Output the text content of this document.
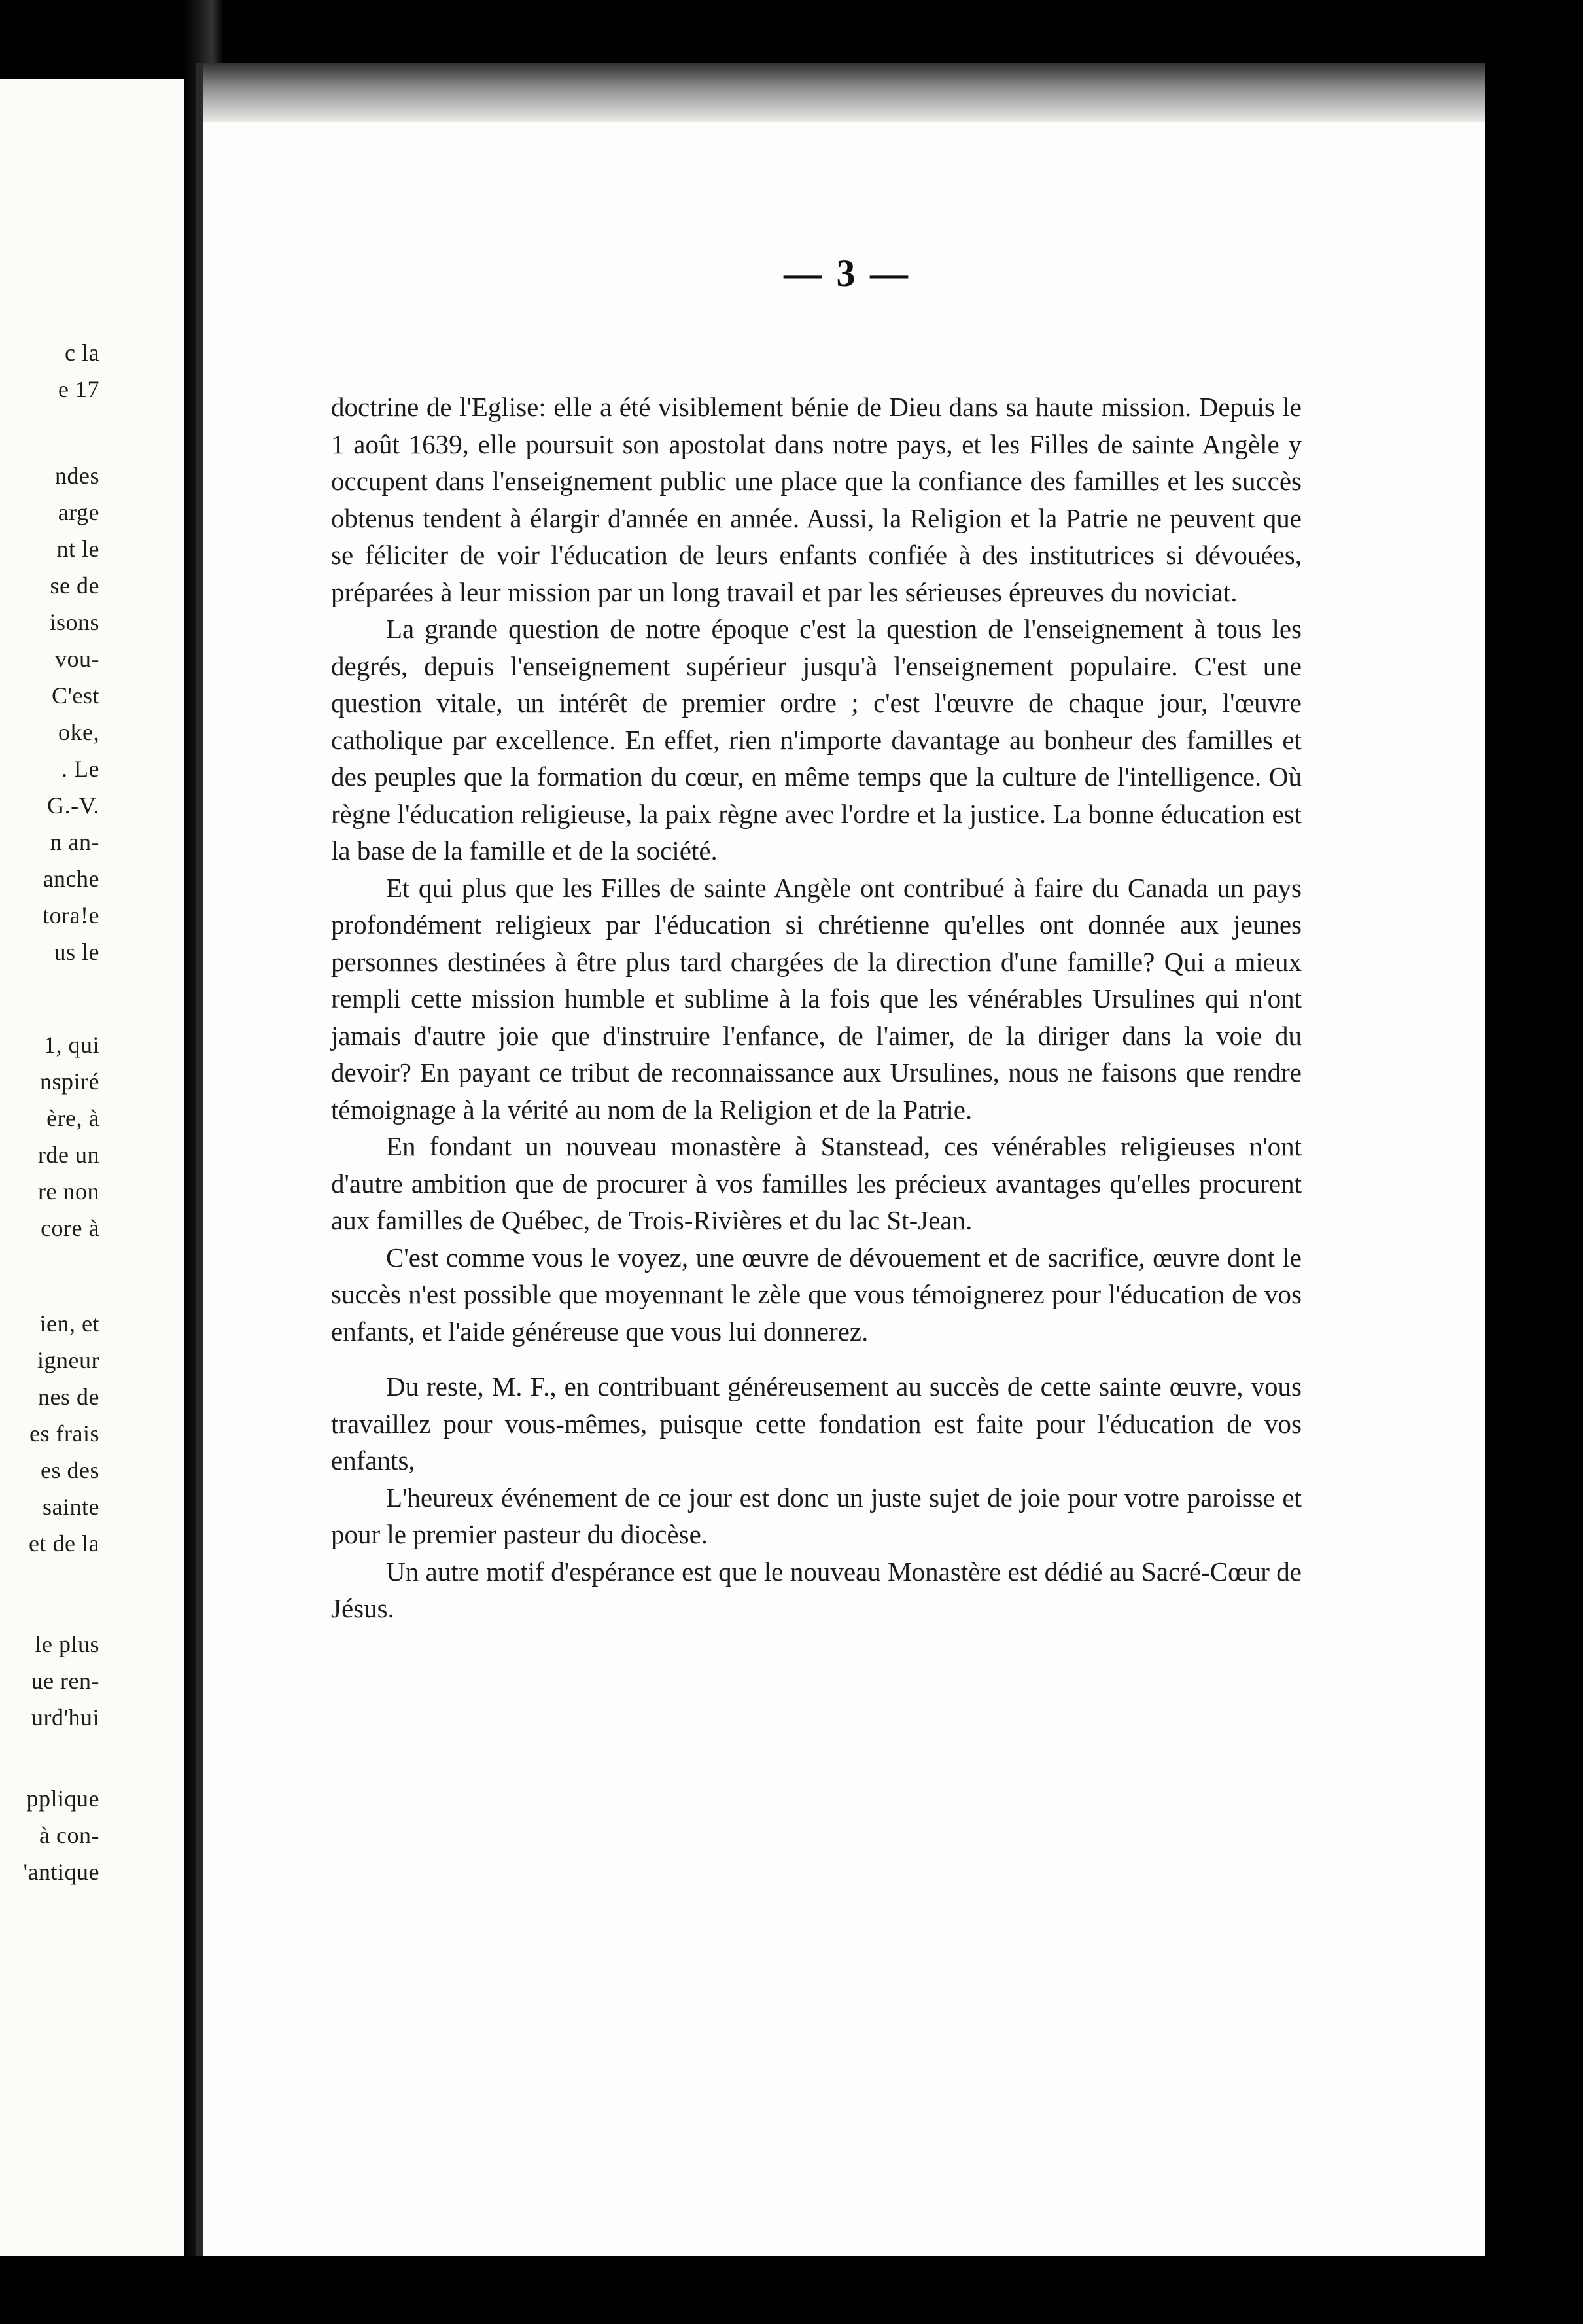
c la
e 17
ndes
arge
nt le
se de
isons
vou-
C'est
oke,
. Le
G.-V.
n an-
anche
tora!e
us le
1, qui
nspiré
ère, à
rde un
re non
core à
ien, et
igneur
nes de
es frais
es des
sainte
et de la
le plus
ue ren-
urd'hui
pplique
à con-
'antique
— 3 —

doctrine de l'Eglise: elle a été visiblement bénie de Dieu dans sa haute mission. Depuis le 1 août 1639, elle poursuit son apostolat dans notre pays, et les Filles de sainte Angèle y occupent dans l'enseignement public une place que la confiance des familles et les succès obtenus tendent à élargir d'année en année. Aussi, la Religion et la Patrie ne peuvent que se féliciter de voir l'éducation de leurs enfants confiée à des institutrices si dévouées, préparées à leur mission par un long travail et par les sérieuses épreuves du noviciat.

La grande question de notre époque c'est la question de l'enseignement à tous les degrés, depuis l'enseignement supérieur jusqu'à l'enseignement populaire. C'est une question vitale, un intérêt de premier ordre ; c'est l'œuvre de chaque jour, l'œuvre catholique par excellence. En effet, rien n'importe davantage au bonheur des familles et des peuples que la formation du cœur, en même temps que la culture de l'intelligence. Où règne l'éducation religieuse, la paix règne avec l'ordre et la justice. La bonne éducation est la base de la famille et de la société.

Et qui plus que les Filles de sainte Angèle ont contribué à faire du Canada un pays profondément religieux par l'éducation si chrétienne qu'elles ont donnée aux jeunes personnes destinées à être plus tard chargées de la direction d'une famille? Qui a mieux rempli cette mission humble et sublime à la fois que les vénérables Ursulines qui n'ont jamais d'autre joie que d'instruire l'enfance, de l'aimer, de la diriger dans la voie du devoir? En payant ce tribut de reconnaissance aux Ursulines, nous ne faisons que rendre témoignage à la vérité au nom de la Religion et de la Patrie.

En fondant un nouveau monastère à Stanstead, ces vénérables religieuses n'ont d'autre ambition que de procurer à vos familles les précieux avantages qu'elles procurent aux familles de Québec, de Trois-Rivières et du lac St-Jean.

C'est comme vous le voyez, une œuvre de dévouement et de sacrifice, œuvre dont le succès n'est possible que moyennant le zèle que vous témoignerez pour l'éducation de vos enfants, et l'aide généreuse que vous lui donnerez.

Du reste, M. F., en contribuant généreusement au succès de cette sainte œuvre, vous travaillez pour vous-mêmes, puisque cette fondation est faite pour l'éducation de vos enfants,

L'heureux événement de ce jour est donc un juste sujet de joie pour votre paroisse et pour le premier pasteur du diocèse.

Un autre motif d'espérance est que le nouveau Monastère est dédié au Sacré-Cœur de Jésus.
